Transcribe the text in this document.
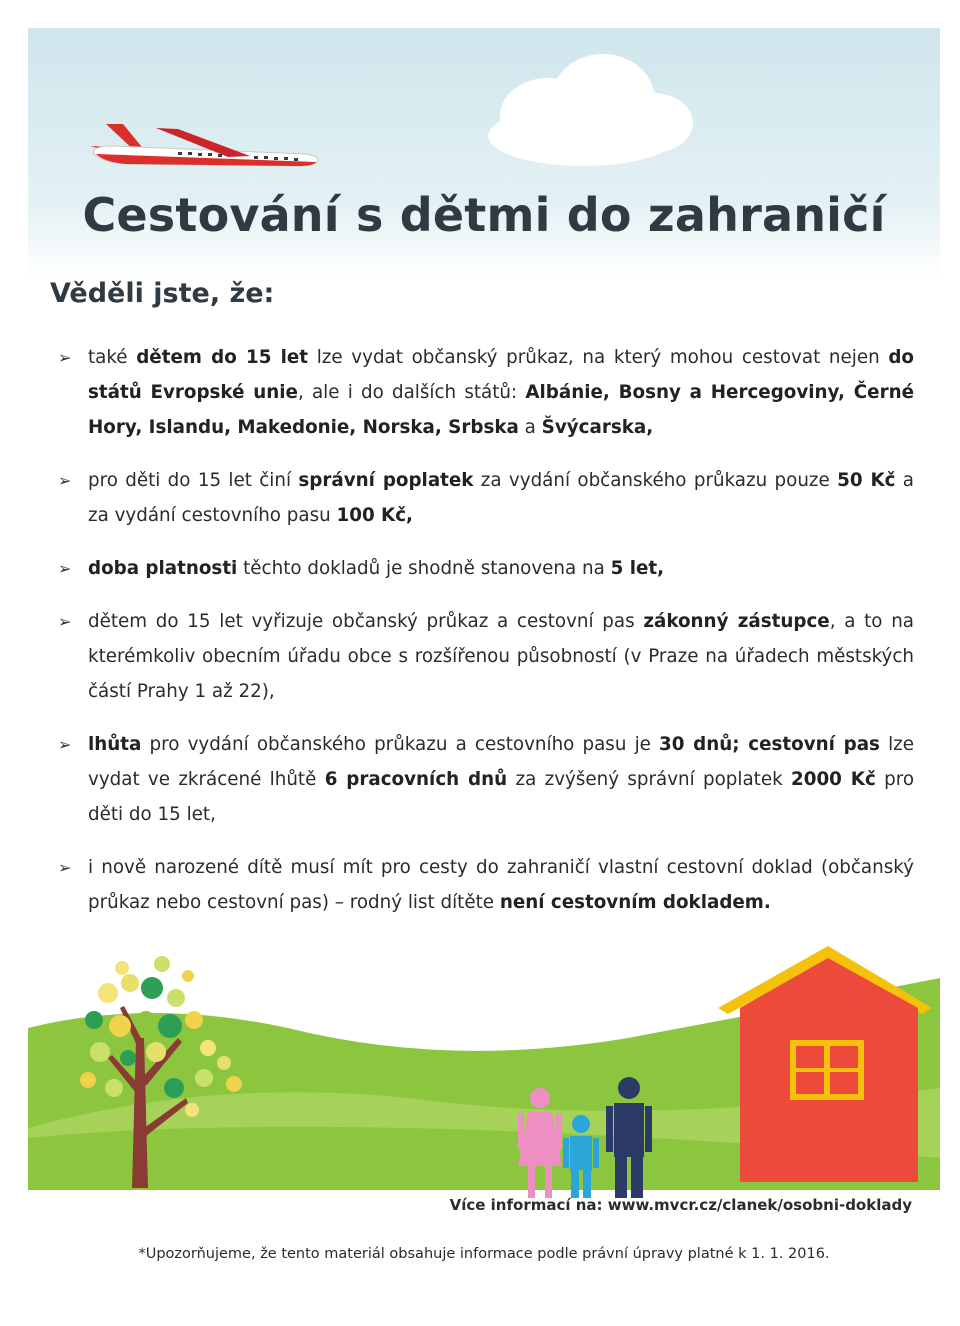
Cestování s dětmi do zahraničí
Věděli jste, že:
➢ také dětem do 15 let lze vydat občanský průkaz, na který mohou cestovat nejen do států Evropské unie, ale i do dalších států: Albánie, Bosny a Hercegoviny, Černé Hory, Islandu, Makedonie, Norska, Srbska a Švýcarska,
➢ pro děti do 15 let činí správní poplatek za vydání občanského průkazu pouze 50 Kč a za vydání cestovního pasu 100 Kč,
➢ doba platnosti těchto dokladů je shodně stanovena na 5 let,
➢ dětem do 15 let vyřizuje občanský průkaz a cestovní pas zákonný zástupce, a to na kterémkoliv obecním úřadu obce s rozšířenou působností (v Praze na úřadech městských částí Prahy 1 až 22),
➢ lhůta pro vydání občanského průkazu a cestovního pasu je 30 dnů; cestovní pas lze vydat ve zkrácené lhůtě 6 pracovních dnů za zvýšený správní poplatek 2000 Kč pro děti do 15 let,
➢ i nově narozené dítě musí mít pro cesty do zahraničí vlastní cestovní doklad (občanský průkaz nebo cestovní pas) – rodný list dítěte není cestovním dokladem.
Více informací na: www.mvcr.cz/clanek/osobni-doklady
*Upozorňujeme, že tento materiál obsahuje informace podle právní úpravy platné k 1. 1. 2016.
